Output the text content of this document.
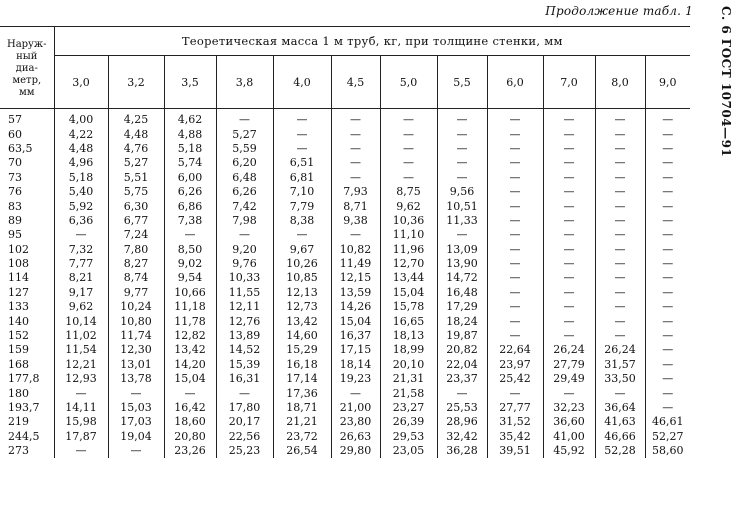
Продолжение табл. 1	С. 6 ГОСТ 10704—91
Наруж-
ный
диа-
метр,
мм	Теоретическая масса 1 м труб, кг, при толщине стенки, мм											
	3,0	3,2	3,5	3,8	4,0	4,5	5,0	5,5	6,0	7,0	8,0	9,0
57	4,00	4,25	4,62	—	—	—	—	—	—	—	—	—
60	4,22	4,48	4,88	5,27	—	—	—	—	—	—	—	—
63,5	4,48	4,76	5,18	5,59	—	—	—	—	—	—	—	—
70	4,96	5,27	5,74	6,20	6,51	—	—	—	—	—	—	—
73	5,18	5,51	6,00	6,48	6,81	—	—	—	—	—	—	—
76	5,40	5,75	6,26	6,26	7,10	7,93	8,75	9,56	—	—	—	—
83	5,92	6,30	6,86	7,42	7,79	8,71	9,62	10,51	—	—	—	—
89	6,36	6,77	7,38	7,98	8,38	9,38	10,36	11,33	—	—	—	—
95	—	7,24	—	—	—	—	11,10	—	—	—	—	—
102	7,32	7,80	8,50	9,20	9,67	10,82	11,96	13,09	—	—	—	—
108	7,77	8,27	9,02	9,76	10,26	11,49	12,70	13,90	—	—	—	—
114	8,21	8,74	9,54	10,33	10,85	12,15	13,44	14,72	—	—	—	—
127	9,17	9,77	10,66	11,55	12,13	13,59	15,04	16,48	—	—	—	—
133	9,62	10,24	11,18	12,11	12,73	14,26	15,78	17,29	—	—	—	—
140	10,14	10,80	11,78	12,76	13,42	15,04	16,65	18,24	—	—	—	—
152	11,02	11,74	12,82	13,89	14,60	16,37	18,13	19,87	—	—	—	—
159	11,54	12,30	13,42	14,52	15,29	17,15	18,99	20,82	22,64	26,24	26,24	—
168	12,21	13,01	14,20	15,39	16,18	18,14	20,10	22,04	23,97	27,79	31,57	—
177,8	12,93	13,78	15,04	16,31	17,14	19,23	21,31	23,37	25,42	29,49	33,50	—
180	—	—	—	—	17,36	—	21,58	—	—	—	—	—
193,7	14,11	15,03	16,42	17,80	18,71	21,00	23,27	25,53	27,77	32,23	36,64	—
219	15,98	17,03	18,60	20,17	21,21	23,80	26,39	28,96	31,52	36,60	41,63	46,61
244,5	17,87	19,04	20,80	22,56	23,72	26,63	29,53	32,42	35,42	41,00	46,66	52,27
273	—	—	23,26	25,23	26,54	29,80	23,05	36,28	39,51	45,92	52,28	58,60
